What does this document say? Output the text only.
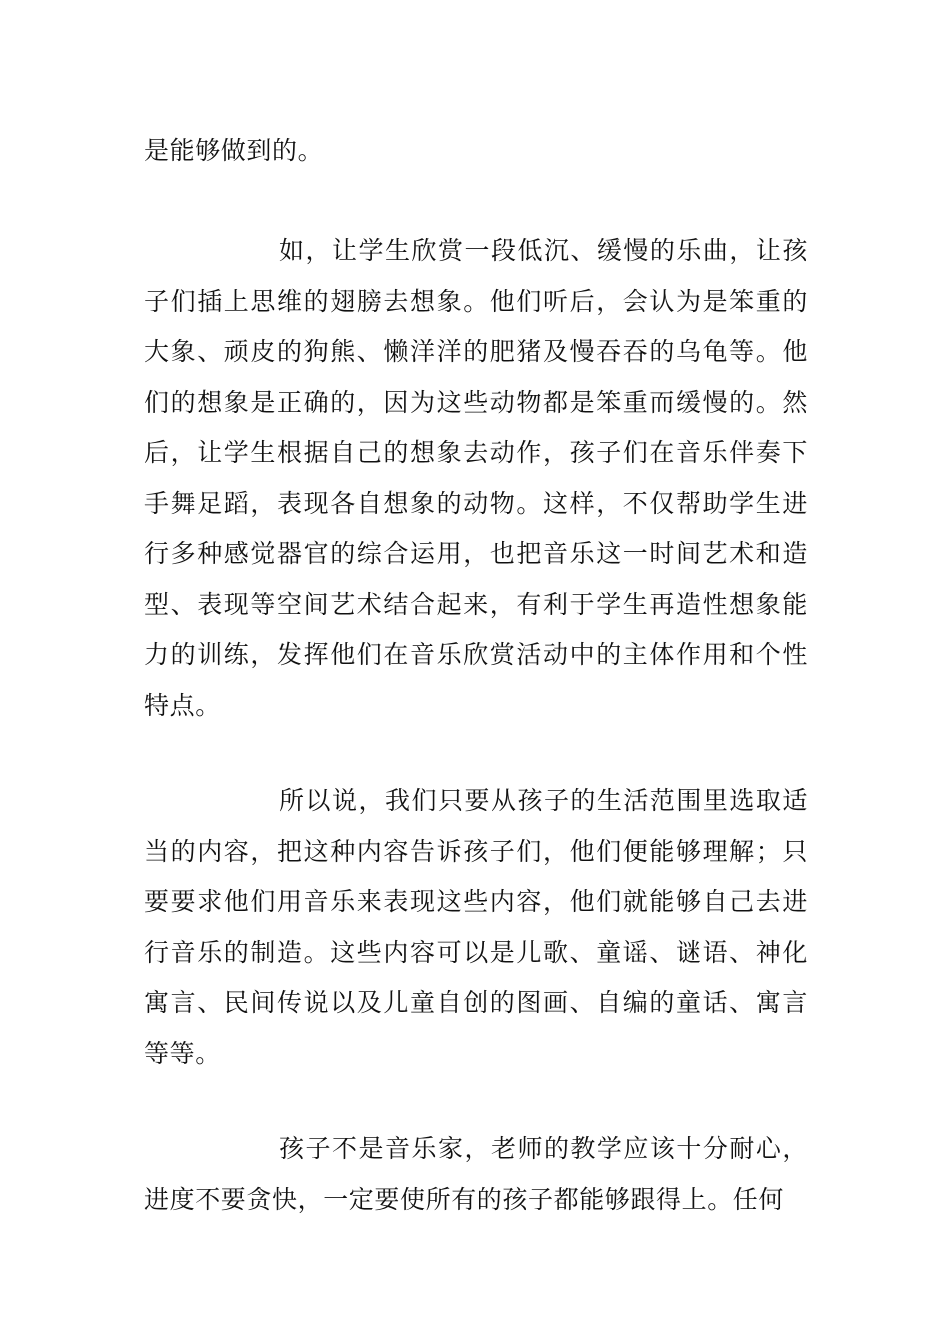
是能够做到的。

如，让学生欣赏一段低沉、缓慢的乐曲，让孩子们插上思维的翅膀去想象。他们听后，会认为是笨重的大象、顽皮的狗熊、懒洋洋的肥猪及慢吞吞的乌龟等。他们的想象是正确的，因为这些动物都是笨重而缓慢的。然后，让学生根据自己的想象去动作，孩子们在音乐伴奏下手舞足蹈，表现各自想象的动物。这样，不仅帮助学生进行多种感觉器官的综合运用，也把音乐这一时间艺术和造型、表现等空间艺术结合起来，有利于学生再造性想象能力的训练，发挥他们在音乐欣赏活动中的主体作用和个性特点。

所以说，我们只要从孩子的生活范围里选取适当的内容，把这种内容告诉孩子们，他们便能够理解；只要要求他们用音乐来表现这些内容，他们就能够自己去进行音乐的制造。这些内容可以是儿歌、童谣、谜语、神化寓言、民间传说以及儿童自创的图画、自编的童话、寓言等等。

孩子不是音乐家，老师的教学应该十分耐心，进度不要贪快，一定要使所有的孩子都能够跟得上。任何
